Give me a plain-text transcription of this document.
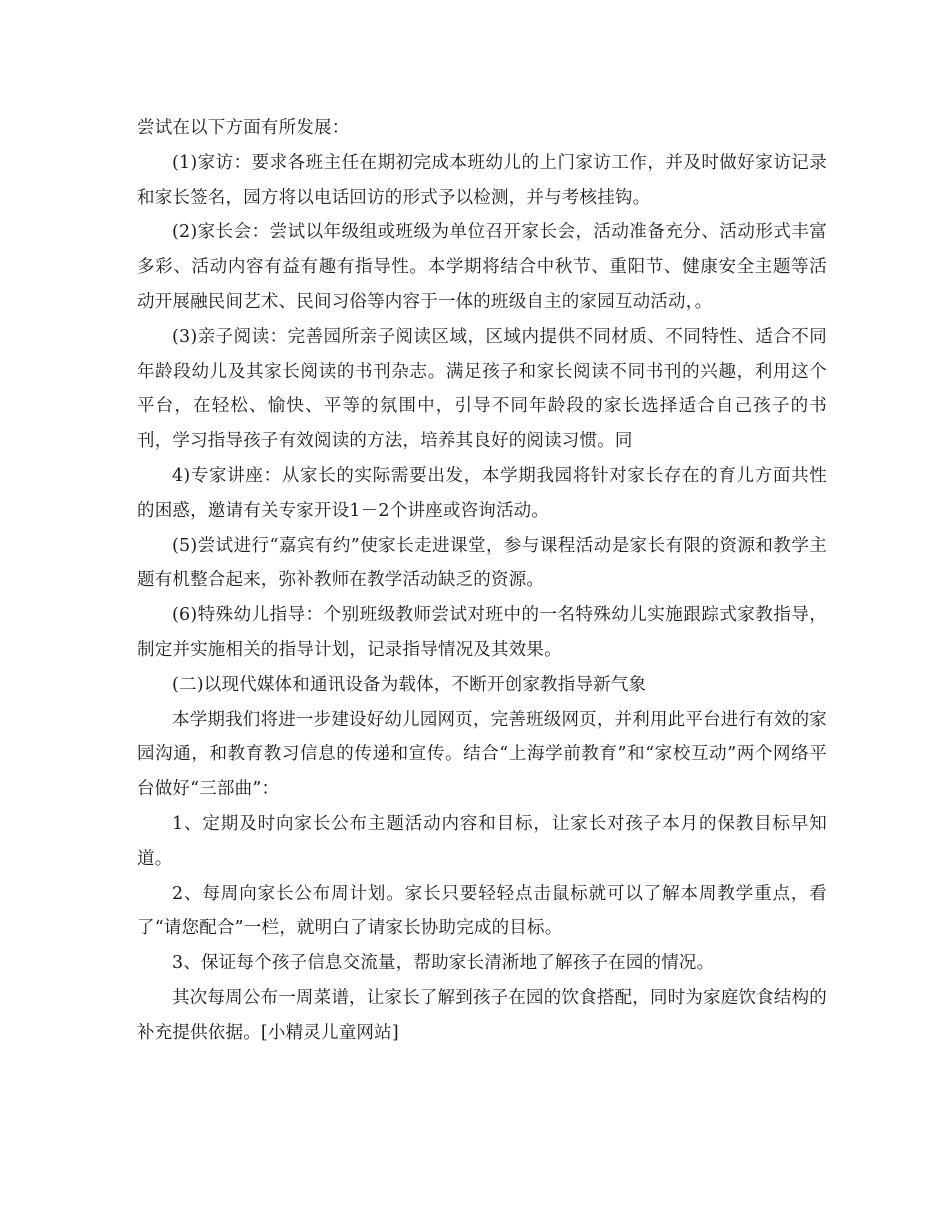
尝试在以下方面有所发展：

(1)家访：要求各班主任在期初完成本班幼儿的上门家访工作，并及时做好家访记录和家长签名，园方将以电话回访的形式予以检测，并与考核挂钩。

(2)家长会：尝试以年级组或班级为单位召开家长会，活动准备充分、活动形式丰富多彩、活动内容有益有趣有指导性。本学期将结合中秋节、重阳节、健康安全主题等活动开展融民间艺术、民间习俗等内容于一体的班级自主的家园互动活动，。

(3)亲子阅读：完善园所亲子阅读区域，区域内提供不同材质、不同特性、适合不同年龄段幼儿及其家长阅读的书刊杂志。满足孩子和家长阅读不同书刊的兴趣，利用这个平台，在轻松、愉快、平等的氛围中，引导不同年龄段的家长选择适合自己孩子的书刊，学习指导孩子有效阅读的方法，培养其良好的阅读习惯。同

4)专家讲座：从家长的实际需要出发，本学期我园将针对家长存在的育儿方面共性的困惑，邀请有关专家开设1－2个讲座或咨询活动。

(5)尝试进行“嘉宾有约”使家长走进课堂，参与课程活动是家长有限的资源和教学主题有机整合起来，弥补教师在教学活动缺乏的资源。

(6)特殊幼儿指导：个别班级教师尝试对班中的一名特殊幼儿实施跟踪式家教指导，制定并实施相关的指导计划，记录指导情况及其效果。

(二)以现代媒体和通讯设备为载体，不断开创家教指导新气象

本学期我们将进一步建设好幼儿园网页，完善班级网页，并利用此平台进行有效的家园沟通，和教育教习信息的传递和宣传。结合“上海学前教育”和“家校互动”两个网络平台做好“三部曲”：

1、定期及时向家长公布主题活动内容和目标，让家长对孩子本月的保教目标早知道。

2、每周向家长公布周计划。家长只要轻轻点击鼠标就可以了解本周教学重点，看了“请您配合”一栏，就明白了请家长协助完成的目标。

3、保证每个孩子信息交流量，帮助家长清淅地了解孩子在园的情况。

其次每周公布一周菜谱，让家长了解到孩子在园的饮食搭配，同时为家庭饮食结构的补充提供依据。[小精灵儿童网站]
